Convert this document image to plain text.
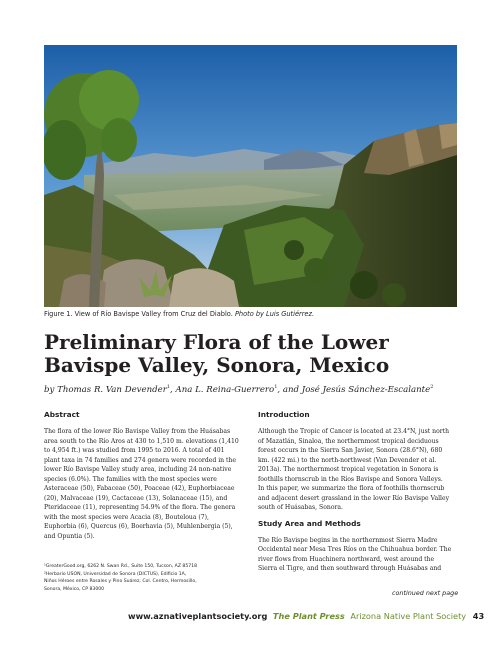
Figure 1. View of Río Bavispe Valley from Cruz del Diablo. Photo by Luis Gutiérrez.
Preliminary Flora of the Lower Bavispe Valley, Sonora, Mexico
by Thomas R. Van Devender$^1$, Ana L. Reina-Guerrero$^1$, and José Jesús Sánchez-Escalante$^2$
Abstract

The flora of the lower Río Bavispe Valley from the Huásabas
area south to the Río Aros at 430 to 1,510 m. elevations (1,410
to 4,954 ft.) was studied from 1995 to 2016. A total of 401
plant taxa in 74 families and 274 genera were recorded in the
lower Río Bavispe Valley study area, including 24 non-native
species (6.0%). The families with the most species were
Asteraceae (50), Fabaceae (50), Poaceae (42), Euphorbiaceae
(20), Malvaceae (19), Cactaceae (13), Solanaceae (15), and
Pteridaceae (11), representing 54.9% of the flora. The genera
with the most species were Acacia (8), Bouteloua (7),
Euphorbia (6), Quercus (6), Boerhavia (5), Muhlenbergia (5),
and Opuntia (5).

¹GreaterGood.org, 6262 N. Swan Rd., Suite 150, Tucson, AZ 85718
²Herbario USON, Universidad de Sonora (DICTUS), Edificio 1A,
Niños Héroes entre Rosales y Pino Suárez, Col. Centro, Hermosillo,
Sonora, México, CP 83000
Introduction

Although the Tropic of Cancer is located at 23.4°N, just north
of Mazatlán, Sinaloa, the northernmost tropical deciduous
forest occurs in the Sierra San Javier, Sonora (28.6°N), 680
km. (422 mi.) to the north-northwest (Van Devender et al.
2013a). The northernmost tropical vegetation in Sonora is
foothills thornscrub in the Ríos Bavispe and Sonora Valleys.
In this paper, we summarize the flora of foothills thornscrub
and adjacent desert grassland in the lower Río Bavispe Valley
south of Huásabas, Sonora.

Study Area and Methods

The Río Bavispe begins in the northernmost Sierra Madre
Occidental near Mesa Tres Ríos on the Chihuahua border. The
river flows from Huachinera northward, west around the
Sierra el Tigre, and then southward through Huásabas and

continued next page
www.aznativeplantsociety.org The Plant Press Arizona Native Plant Society 43
